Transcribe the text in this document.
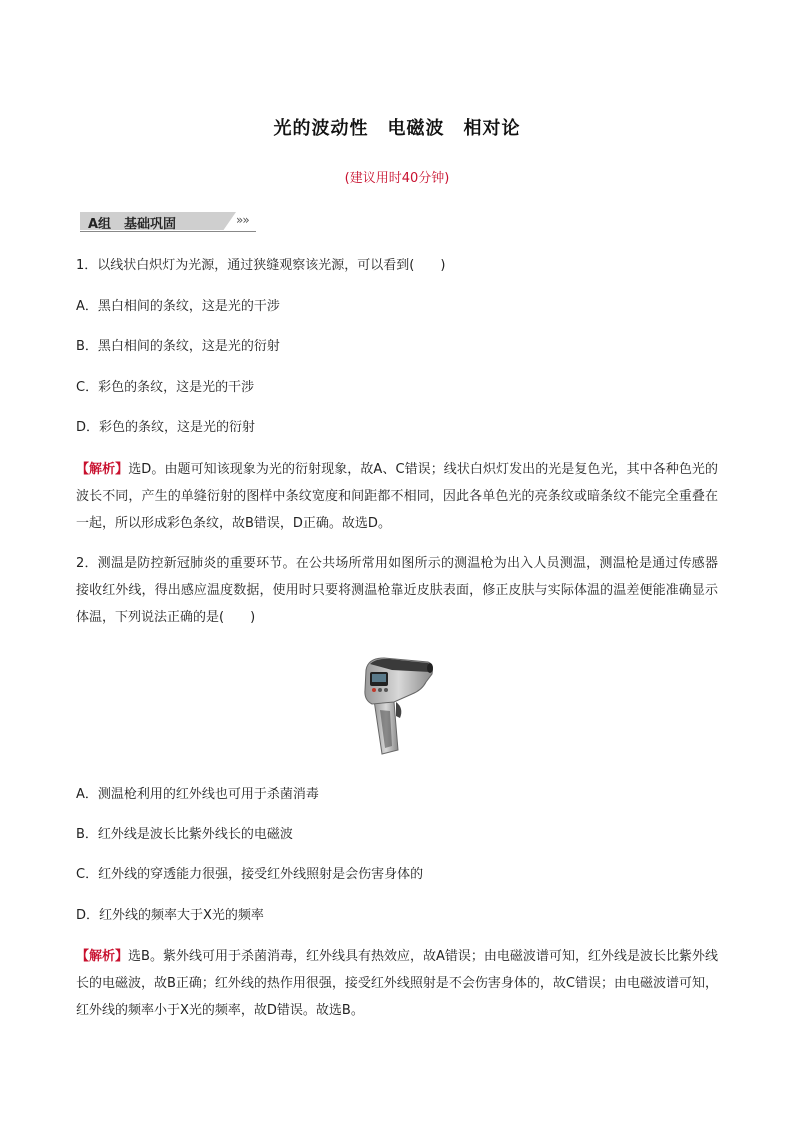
光的波动性　电磁波　相对论
(建议用时40分钟)
A组　基础巩固	»»
1．以线状白炽灯为光源，通过狭缝观察该光源，可以看到(　　)
A．黑白相间的条纹，这是光的干涉
B．黑白相间的条纹，这是光的衍射
C．彩色的条纹，这是光的干涉
D．彩色的条纹，这是光的衍射
【解析】选D。由题可知该现象为光的衍射现象，故A、C错误；线状白炽灯发出的光是复色光，其中各种色光的波长不同，产生的单缝衍射的图样中条纹宽度和间距都不相同，因此各单色光的亮条纹或暗条纹不能完全重叠在一起，所以形成彩色条纹，故B错误，D正确。故选D。
2．测温是防控新冠肺炎的重要环节。在公共场所常用如图所示的测温枪为出入人员测温，测温枪是通过传感器接收红外线，得出感应温度数据，使用时只要将测温枪靠近皮肤表面，修正皮肤与实际体温的温差便能准确显示体温，下列说法正确的是(　　)
A．测温枪利用的红外线也可用于杀菌消毒
B．红外线是波长比紫外线长的电磁波
C．红外线的穿透能力很强，接受红外线照射是会伤害身体的
D．红外线的频率大于X光的频率
【解析】选B。紫外线可用于杀菌消毒，红外线具有热效应，故A错误；由电磁波谱可知，红外线是波长比紫外线长的电磁波，故B正确；红外线的热作用很强，接受红外线照射是不会伤害身体的，故C错误；由电磁波谱可知，红外线的频率小于X光的频率，故D错误。故选B。
